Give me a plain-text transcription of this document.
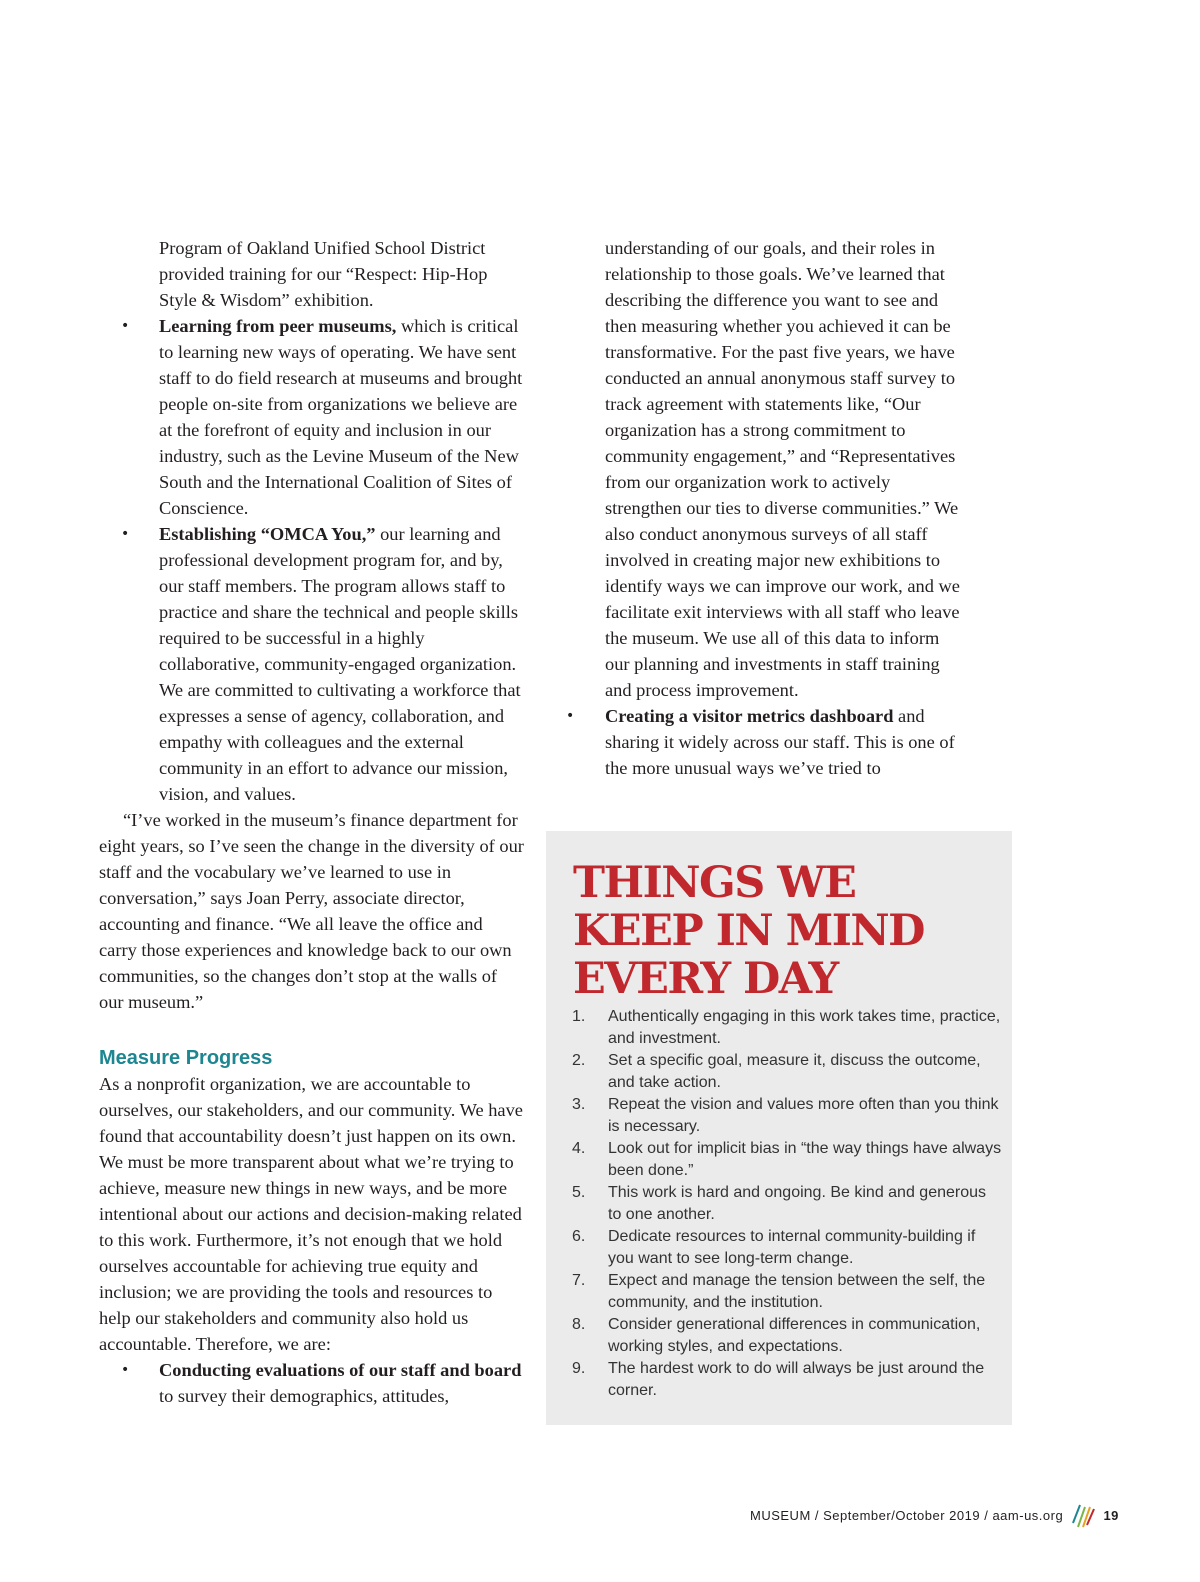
Program of Oakland Unified School District provided training for our “Respect: Hip-Hop Style & Wisdom” exhibition.
• Learning from peer museums, which is critical to learning new ways of operating. We have sent staff to do field research at museums and brought people on-site from organizations we believe are at the forefront of equity and inclusion in our industry, such as the Levine Museum of the New South and the International Coalition of Sites of Conscience.
• Establishing “OMCA You,” our learning and professional development program for, and by, our staff members. The program allows staff to practice and share the technical and people skills required to be successful in a highly collaborative, community-engaged organization. We are committed to cultivating a workforce that expresses a sense of agency, collaboration, and empathy with colleagues and the external community in an effort to advance our mission, vision, and values.
“I’ve worked in the museum’s finance department for eight years, so I’ve seen the change in the diversity of our staff and the vocabulary we’ve learned to use in conversation,” says Joan Perry, associate director, accounting and finance. “We all leave the office and carry those experiences and knowledge back to our own communities, so the changes don’t stop at the walls of our museum.”
Measure Progress
As a nonprofit organization, we are accountable to ourselves, our stakeholders, and our community. We have found that accountability doesn’t just happen on its own. We must be more transparent about what we’re trying to achieve, measure new things in new ways, and be more intentional about our actions and decision-making related to this work. Furthermore, it’s not enough that we hold ourselves accountable for achieving true equity and inclusion; we are providing the tools and resources to help our stakeholders and community also hold us accountable. Therefore, we are:
• Conducting evaluations of our staff and board to survey their demographics, attitudes,
understanding of our goals, and their roles in relationship to those goals. We’ve learned that describing the difference you want to see and then measuring whether you achieved it can be transformative. For the past five years, we have conducted an annual anonymous staff survey to track agreement with statements like, “Our organization has a strong commitment to community engagement,” and “Representatives from our organization work to actively strengthen our ties to diverse communities.” We also conduct anonymous surveys of all staff involved in creating major new exhibitions to identify ways we can improve our work, and we facilitate exit interviews with all staff who leave the museum. We use all of this data to inform our planning and investments in staff training and process improvement.
• Creating a visitor metrics dashboard and sharing it widely across our staff. This is one of the more unusual ways we’ve tried to
THINGS WE KEEP IN MIND EVERY DAY
1. Authentically engaging in this work takes time, practice, and investment.
2. Set a specific goal, measure it, discuss the outcome, and take action.
3. Repeat the vision and values more often than you think is necessary.
4. Look out for implicit bias in “the way things have always been done.”
5. This work is hard and ongoing. Be kind and generous to one another.
6. Dedicate resources to internal community-building if you want to see long-term change.
7. Expect and manage the tension between the self, the community, and the institution.
8. Consider generational differences in communication, working styles, and expectations.
9. The hardest work to do will always be just around the corner.
MUSEUM / September/October 2019 / aam-us.org	19
